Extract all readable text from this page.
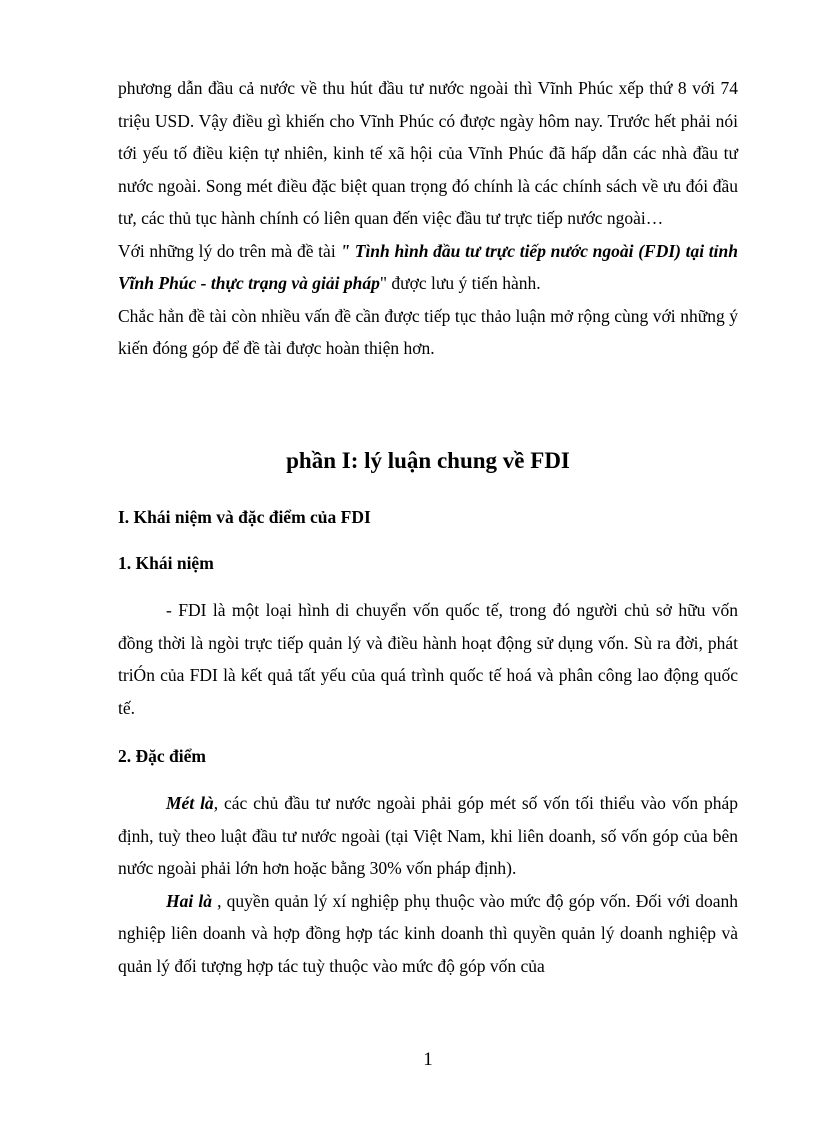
phương dẫn đầu cả nước về thu hút đầu tư nước ngoài thì Vĩnh Phúc xếp thứ 8 với 74 triệu USD. Vậy điều gì khiến cho Vĩnh Phúc có được ngày hôm nay. Trước hết phải nói tới yếu tố điều kiện tự nhiên, kinh tế xã hội của Vĩnh Phúc đã hấp dẫn các nhà đầu tư nước ngoài. Song mét điều đặc biệt quan trọng đó chính là các chính sách về ưu đói đầu tư, các thủ tục hành chính có liên quan đến việc đầu tư trực tiếp nước ngoài…

Với những lý do trên mà đề tài " Tình hình đầu tư trực tiếp nước ngoài (FDI) tại tỉnh Vĩnh Phúc - thực trạng và giải pháp" được lưu ý tiến hành.

Chắc hẳn đề tài còn nhiều vấn đề cần được tiếp tục thảo luận mở rộng cùng với những ý kiến đóng góp để đề tài được hoàn thiện hơn.

phần I: lý luận chung về FDI
I. Khái niệm và đặc điểm của FDI
1. Khái niệm

- FDI là một loại hình di chuyển vốn quốc tế, trong đó người chủ sở hữu vốn đồng thời là ngòi trực tiếp quản lý và điều hành hoạt động sử dụng vốn. Sù ra đời, phát triÓn của FDI là kết quả tất yếu của quá trình quốc tế hoá và phân công lao động quốc tế.

2. Đặc điểm

Mét là, các chủ đầu tư nước ngoài phải góp mét số vốn tối thiểu vào vốn pháp định, tuỳ theo luật đầu tư nước ngoài (tại Việt Nam, khi liên doanh, số vốn góp của bên nước ngoài phải lớn hơn hoặc bằng 30% vốn pháp định).

Hai là , quyền quản lý xí nghiệp phụ thuộc vào mức độ góp vốn. Đối với doanh nghiệp liên doanh và hợp đồng hợp tác kinh doanh thì quyền quản lý doanh nghiệp và quản lý đối tượng hợp tác tuỳ thuộc vào mức độ góp vốn của

1
